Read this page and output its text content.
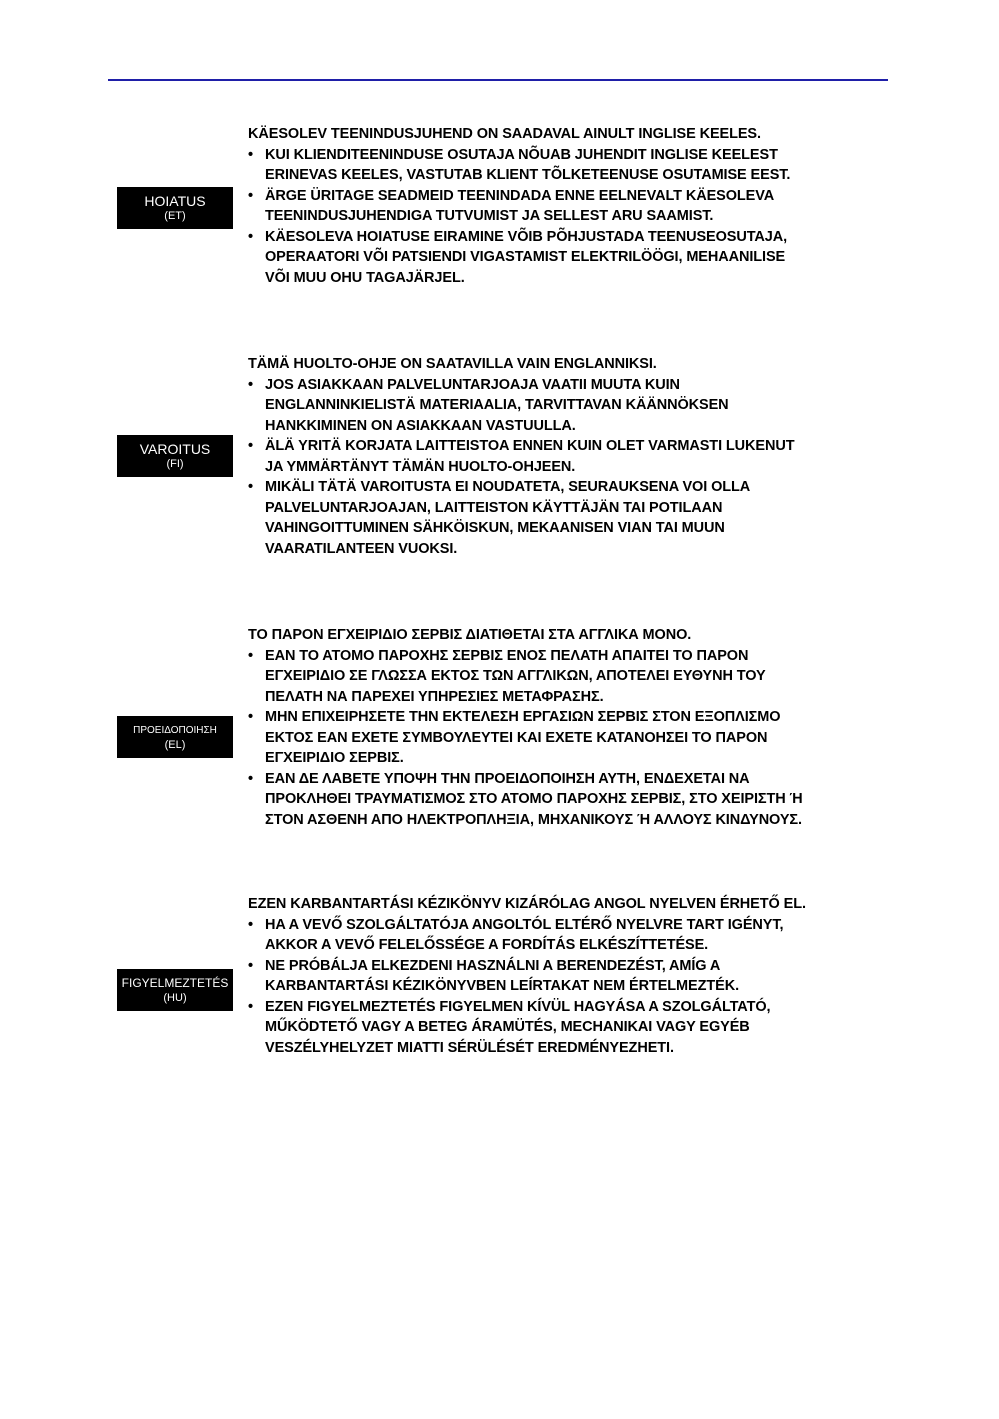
HOIATUS
(ET)
KÄESOLEV TEENINDUSJUHEND ON SAADAVAL AINULT INGLISE KEELES.
• KUI KLIENDITEENINDUSE OSUTAJA NÕUAB JUHENDIT INGLISE KEELEST
ERINEVAS KEELES, VASTUTAB KLIENT TÕLKETEENUSE OSUTAMISE EEST.
• ÄRGE ÜRITAGE SEADMEID TEENINDADA ENNE EELNEVALT KÄESOLEVA
TEENINDUSJUHENDIGA TUTVUMIST JA SELLEST ARU SAAMIST.
• KÄESOLEVA HOIATUSE EIRAMINE VÕIB PÕHJUSTADA TEENUSEOSUTAJA,
OPERAATORI VÕI PATSIENDI VIGASTAMIST ELEKTRILÖÖGI, MEHAANILISE
VÕI MUU OHU TAGAJÄRJEL.
VAROITUS
(FI)
TÄMÄ HUOLTO-OHJE ON SAATAVILLA VAIN ENGLANNIKSI.
• JOS ASIAKKAAN PALVELUNTARJOAJA VAATII MUUTA KUIN
ENGLANNINKIELISTÄ MATERIAALIA, TARVITTAVAN KÄÄNNÖKSEN
HANKKIMINEN ON ASIAKKAAN VASTUULLA.
• ÄLÄ YRITÄ KORJATA LAITTEISTOA ENNEN KUIN OLET VARMASTI LUKENUT
JA YMMÄRTÄNYT TÄMÄN HUOLTO-OHJEEN.
• MIKÄLI TÄTÄ VAROITUSTA EI NOUDATETA, SEURAUKSENA VOI OLLA
PALVELUNTARJOAJAN, LAITTEISTON KÄYTTÄJÄN TAI POTILAAN
VAHINGOITTUMINEN SÄHKÖISKUN, MEKAANISEN VIAN TAI MUUN
VAARATILANTEEN VUOKSI.
ΠΡΟΕΙΔΟΠΟΙΗΣΗ
(EL)
ΤΟ ΠΑΡΟΝ ΕΓΧΕΙΡΙΔΙΟ ΣΕΡΒΙΣ ΔΙΑΤΙΘΕΤΑΙ ΣΤΑ ΑΓΓΛΙΚΑ ΜΟΝΟ.
• ΕΑΝ ΤΟ ΑΤΟΜΟ ΠΑΡΟΧΗΣ ΣΕΡΒΙΣ ΕΝΟΣ ΠΕΛΑΤΗ ΑΠΑΙΤΕΙ ΤΟ ΠΑΡΟΝ
ΕΓΧΕΙΡΙΔΙΟ ΣΕ ΓΛΩΣΣΑ ΕΚΤΟΣ ΤΩΝ ΑΓΓΛΙΚΩΝ, ΑΠΟΤΕΛΕΙ ΕΥΘΥΝΗ ΤΟΥ
ΠΕΛΑΤΗ ΝΑ ΠΑΡΕΧΕΙ ΥΠΗΡΕΣΙΕΣ ΜΕΤΑΦΡΑΣΗΣ.
• ΜΗΝ ΕΠΙΧΕΙΡΗΣΕΤΕ ΤΗΝ ΕΚΤΕΛΕΣΗ ΕΡΓΑΣΙΩΝ ΣΕΡΒΙΣ ΣΤΟΝ ΕΞΟΠΛΙΣΜΟ
ΕΚΤΟΣ ΕΑΝ ΕΧΕΤΕ ΣΥΜΒΟΥΛΕΥΤΕΙ ΚΑΙ ΕΧΕΤΕ ΚΑΤΑΝΟΗΣΕΙ ΤΟ ΠΑΡΟΝ
ΕΓΧΕΙΡΙΔΙΟ ΣΕΡΒΙΣ.
• ΕΑΝ ΔΕ ΛΑΒΕΤΕ ΥΠΟΨΗ ΤΗΝ ΠΡΟΕΙΔΟΠΟΙΗΣΗ ΑΥΤΗ, ΕΝΔΕΧΕΤΑΙ ΝΑ
ΠΡΟΚΛΗΘΕΙ ΤΡΑΥΜΑΤΙΣΜΟΣ ΣΤΟ ΑΤΟΜΟ ΠΑΡΟΧΗΣ ΣΕΡΒΙΣ, ΣΤΟ ΧΕΙΡΙΣΤΗ Ή
ΣΤΟΝ ΑΣΘΕΝΗ ΑΠΟ ΗΛΕΚΤΡΟΠΛΗΞΙΑ, ΜΗΧΑΝΙΚΟΥΣ Ή ΑΛΛΟΥΣ ΚΙΝΔΥΝΟΥΣ.
FIGYELMEZTETÉS
(HU)
EZEN KARBANTARTÁSI KÉZIKÖNYV KIZÁRÓLAG ANGOL NYELVEN ÉRHETŐ EL.
• HA A VEVŐ SZOLGÁLTATÓJA ANGOLTÓL ELTÉRŐ NYELVRE TART IGÉNYT,
AKKOR A VEVŐ FELELŐSSÉGE A FORDÍTÁS ELKÉSZÍTTETÉSE.
• NE PRÓBÁLJA ELKEZDENI HASZNÁLNI A BERENDEZÉST, AMÍG A
KARBANTARTÁSI KÉZIKÖNYVBEN LEÍRTAKAT NEM ÉRTELMEZTÉK.
• EZEN FIGYELMEZTETÉS FIGYELMEN KÍVÜL HAGYÁSA A SZOLGÁLTATÓ,
MŰKÖDTETŐ VAGY A BETEG ÁRAMÜTÉS, MECHANIKAI VAGY EGYÉB
VESZÉLYHELYZET MIATTI SÉRÜLÉSÉT EREDMÉNYEZHETI.
